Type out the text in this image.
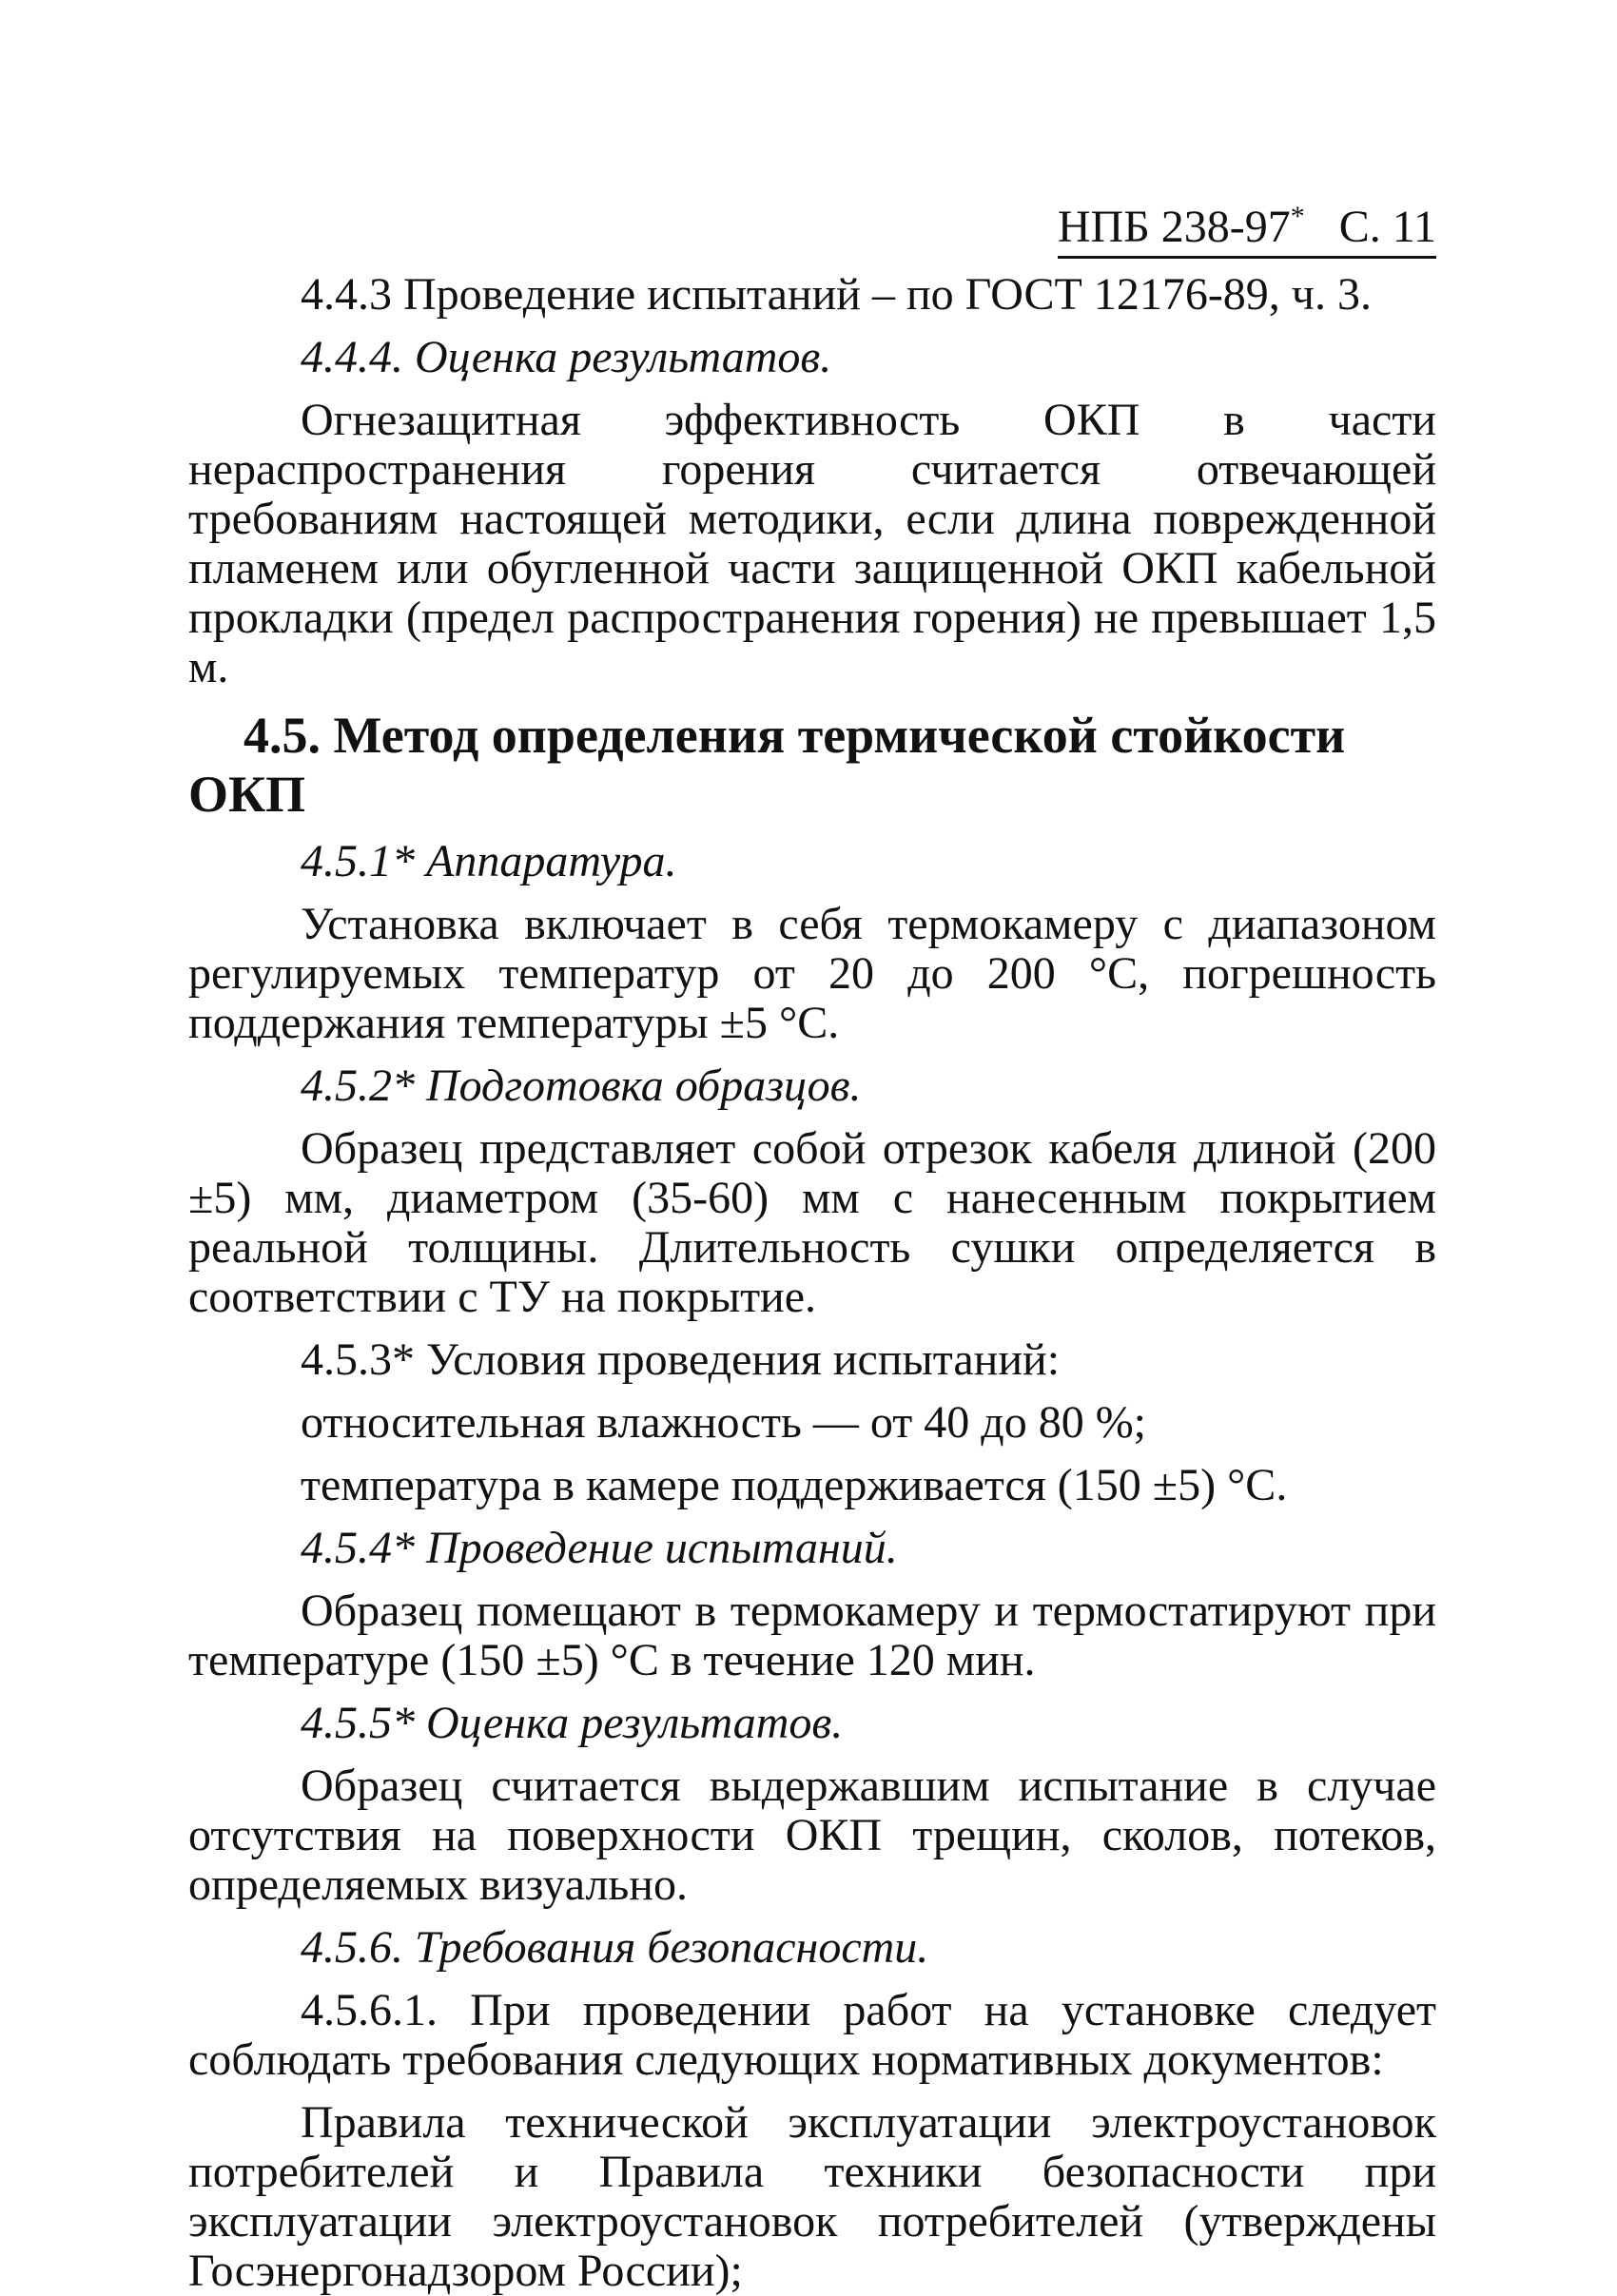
НПБ 238-97* С. 11

4.4.3 Проведение испытаний – по ГОСТ 12176-89, ч. 3.

4.4.4. Оценка результатов.

Огнезащитная эффективность ОКП в части нераспространения горения считается отвечающей требованиям настоящей методики, если длина поврежденной пламенем или обугленной части защищенной ОКП кабельной прокладки (предел распространения горения) не превышает 1,5 м.

4.5. Метод определения термической стойкости ОКП

4.5.1* Аппаратура.

Установка включает в себя термокамеру с диапазоном регулируемых температур от 20 до 200 °С, погрешность поддержания температуры ±5 °С.

4.5.2* Подготовка образцов.

Образец представляет собой отрезок кабеля длиной (200 ±5) мм, диаметром (35-60) мм с нанесенным покрытием реальной толщины. Длительность сушки определяется в соответствии с ТУ на покрытие.

4.5.3* Условия проведения испытаний:

относительная влажность — от 40 до 80 %;

температура в камере поддерживается (150 ±5) °С.

4.5.4* Проведение испытаний.

Образец помещают в термокамеру и термостатируют при температуре (150 ±5) °С в течение 120 мин.

4.5.5* Оценка результатов.

Образец считается выдержавшим испытание в случае отсутствия на поверхности ОКП трещин, сколов, потеков, определяемых визуально.

4.5.6. Требования безопасности.

4.5.6.1. При проведении работ на установке следует соблюдать требования следующих нормативных документов:

Правила технической эксплуатации электроустановок потребителей и Правила техники безопасности при эксплуатации электроустановок потребителей (утверждены Госэнергонадзором России);
